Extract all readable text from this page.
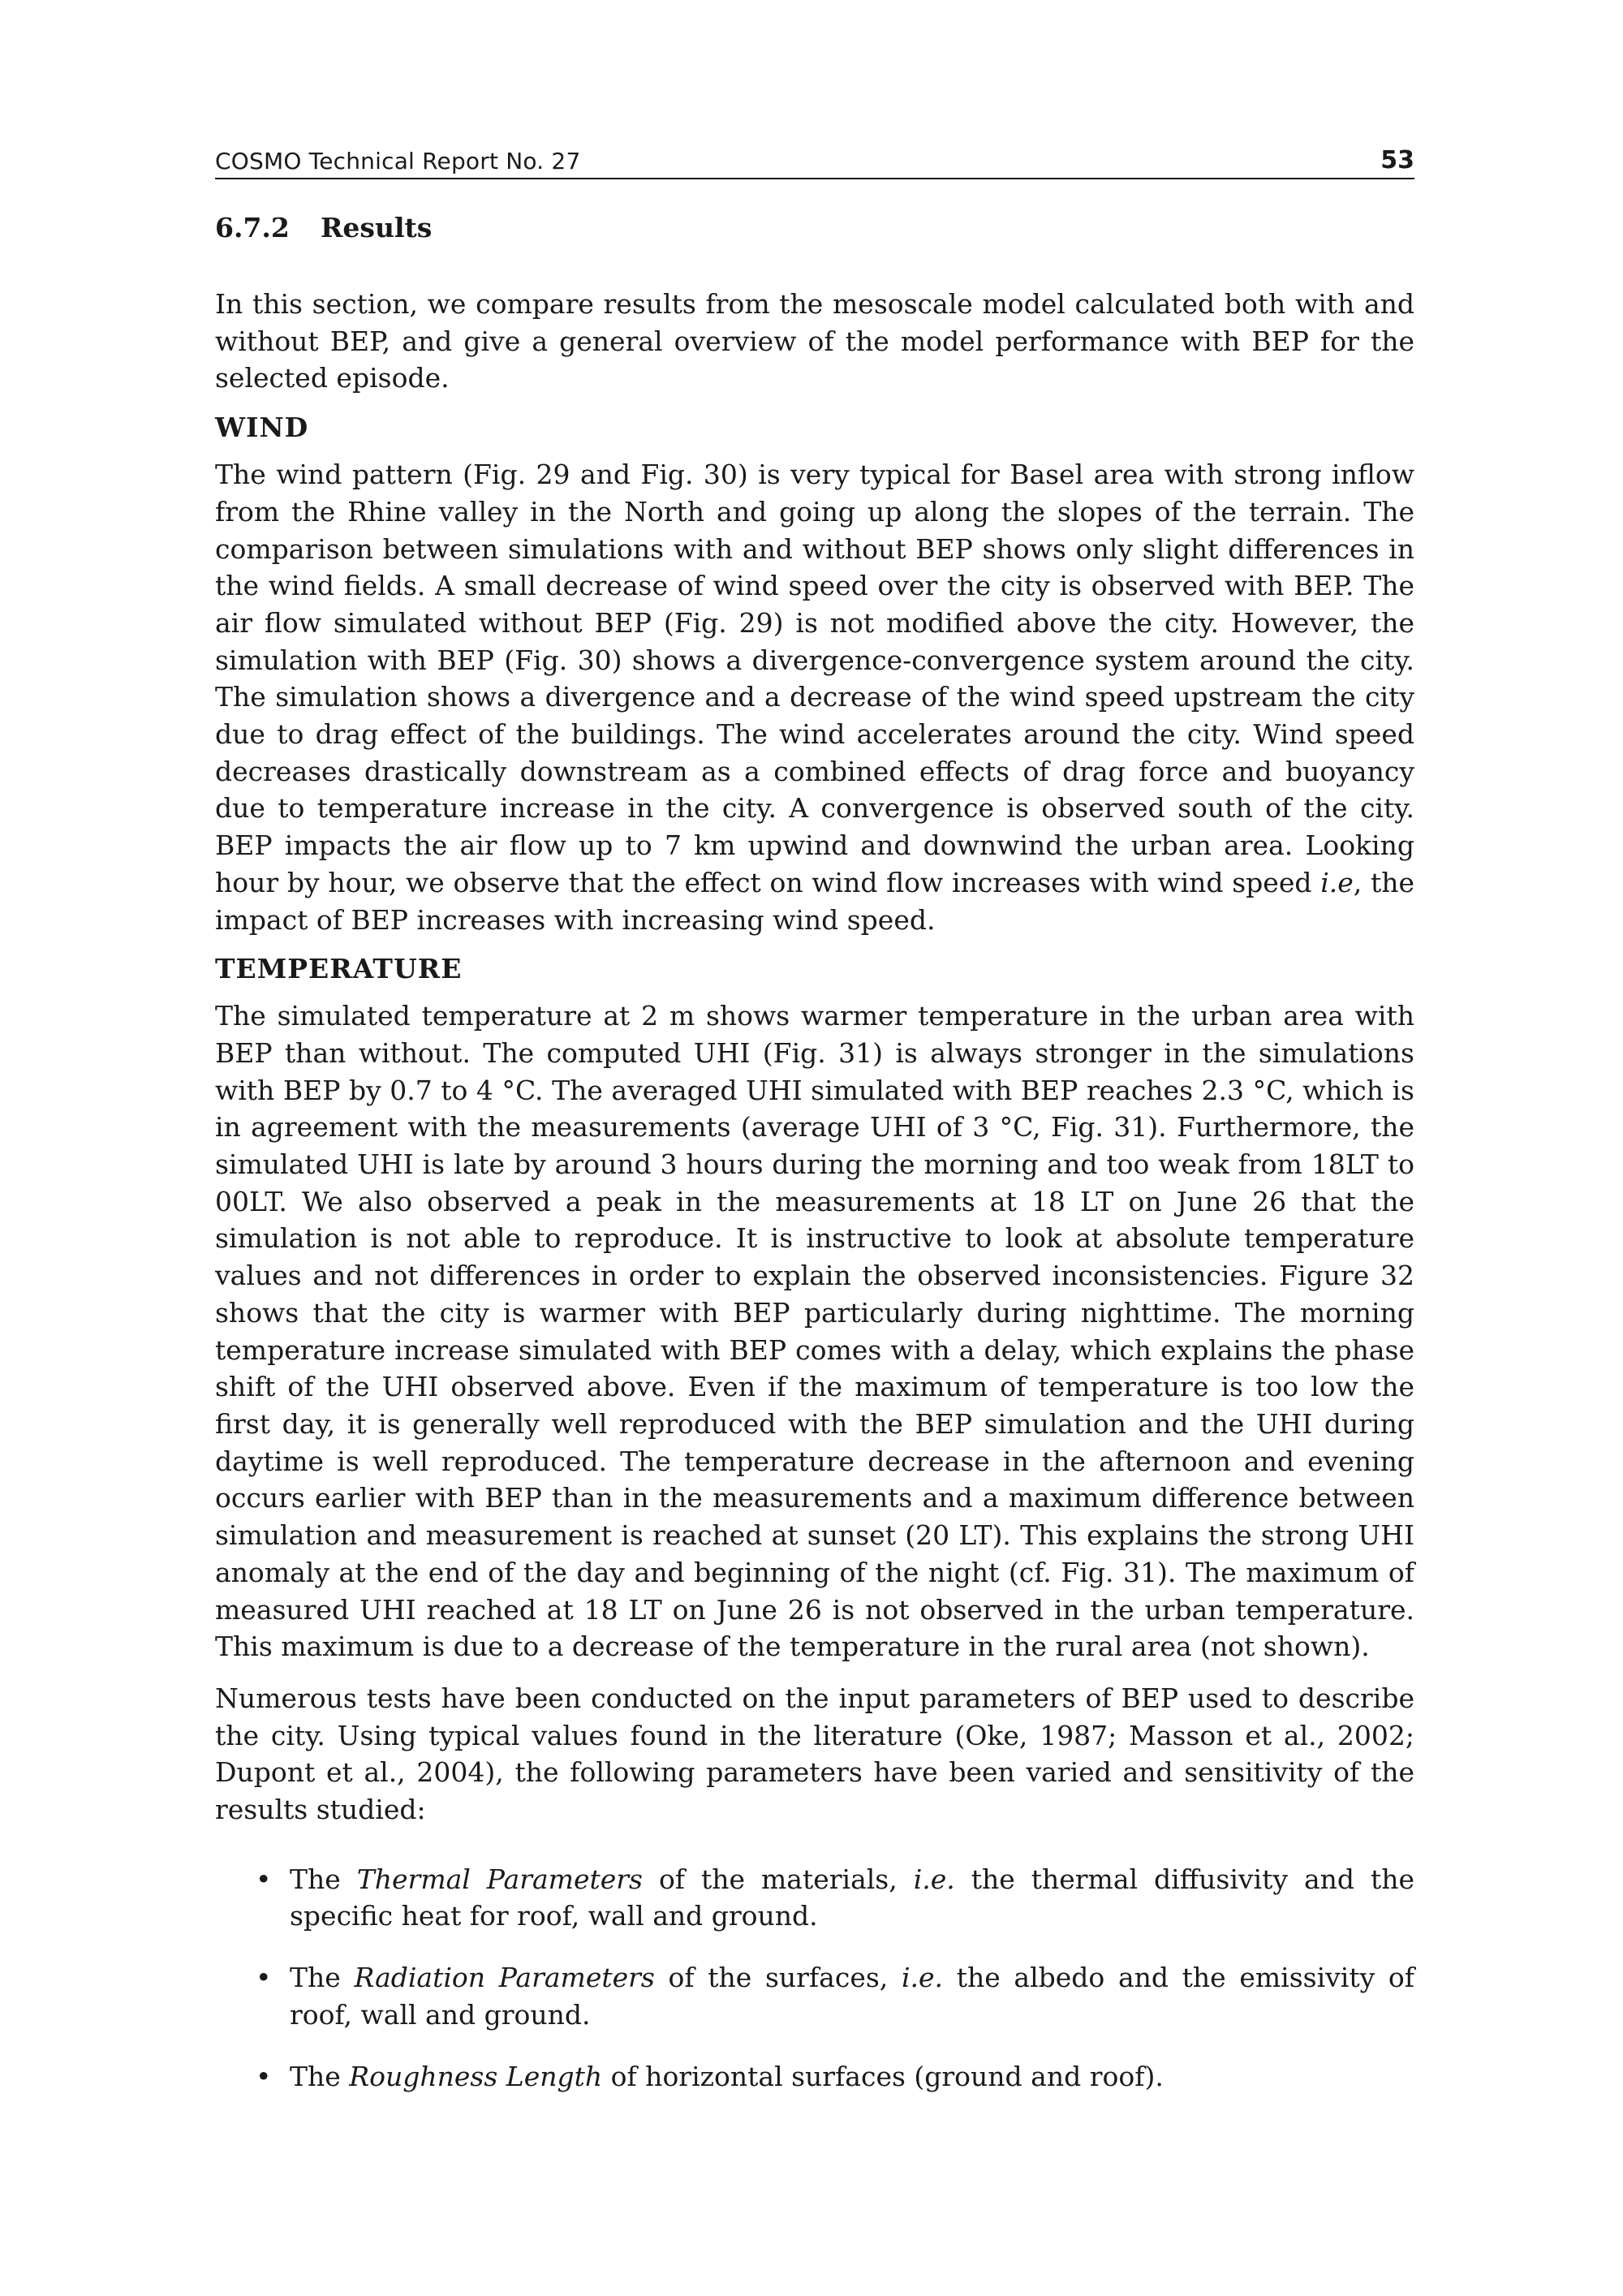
COSMO Technical Report No. 27	53
6.7.2	Results

In this section, we compare results from the mesoscale model calculated both with and without BEP, and give a general overview of the model performance with BEP for the selected episode.

WIND

The wind pattern (Fig. 29 and Fig. 30) is very typical for Basel area with strong inflow from the Rhine valley in the North and going up along the slopes of the terrain. The comparison between simulations with and without BEP shows only slight differences in the wind fields. A small decrease of wind speed over the city is observed with BEP. The air flow simulated without BEP (Fig. 29) is not modified above the city. However, the simulation with BEP (Fig. 30) shows a divergence-convergence system around the city. The simulation shows a divergence and a decrease of the wind speed upstream the city due to drag effect of the buildings. The wind accelerates around the city. Wind speed decreases drastically downstream as a combined effects of drag force and buoyancy due to temperature increase in the city. A convergence is observed south of the city. BEP impacts the air flow up to 7 km upwind and downwind the urban area. Looking hour by hour, we observe that the effect on wind flow increases with wind speed i.e, the impact of BEP increases with increasing wind speed.

TEMPERATURE

The simulated temperature at 2 m shows warmer temperature in the urban area with BEP than without. The computed UHI (Fig. 31) is always stronger in the simulations with BEP by 0.7 to 4 °C. The averaged UHI simulated with BEP reaches 2.3 °C, which is in agreement with the measurements (average UHI of 3 °C, Fig. 31). Furthermore, the simulated UHI is late by around 3 hours during the morning and too weak from 18LT to 00LT. We also observed a peak in the measurements at 18 LT on June 26 that the simulation is not able to reproduce. It is instructive to look at absolute temperature values and not differences in order to explain the observed inconsistencies. Figure 32 shows that the city is warmer with BEP particularly during nighttime. The morning temperature increase simulated with BEP comes with a delay, which explains the phase shift of the UHI observed above. Even if the maximum of temperature is too low the first day, it is generally well reproduced with the BEP simulation and the UHI during daytime is well reproduced. The temperature decrease in the afternoon and evening occurs earlier with BEP than in the measurements and a maximum difference between simulation and measurement is reached at sunset (20 LT). This explains the strong UHI anomaly at the end of the day and beginning of the night (cf. Fig. 31). The maximum of measured UHI reached at 18 LT on June 26 is not observed in the urban temperature. This maximum is due to a decrease of the temperature in the rural area (not shown).

Numerous tests have been conducted on the input parameters of BEP used to describe the city. Using typical values found in the literature (Oke, 1987; Masson et al., 2002; Dupont et al., 2004), the following parameters have been varied and sensitivity of the results studied:

• The Thermal Parameters of the materials, i.e. the thermal diffusivity and the specific heat for roof, wall and ground.
• The Radiation Parameters of the surfaces, i.e. the albedo and the emissivity of roof, wall and ground.
• The Roughness Length of horizontal surfaces (ground and roof).
